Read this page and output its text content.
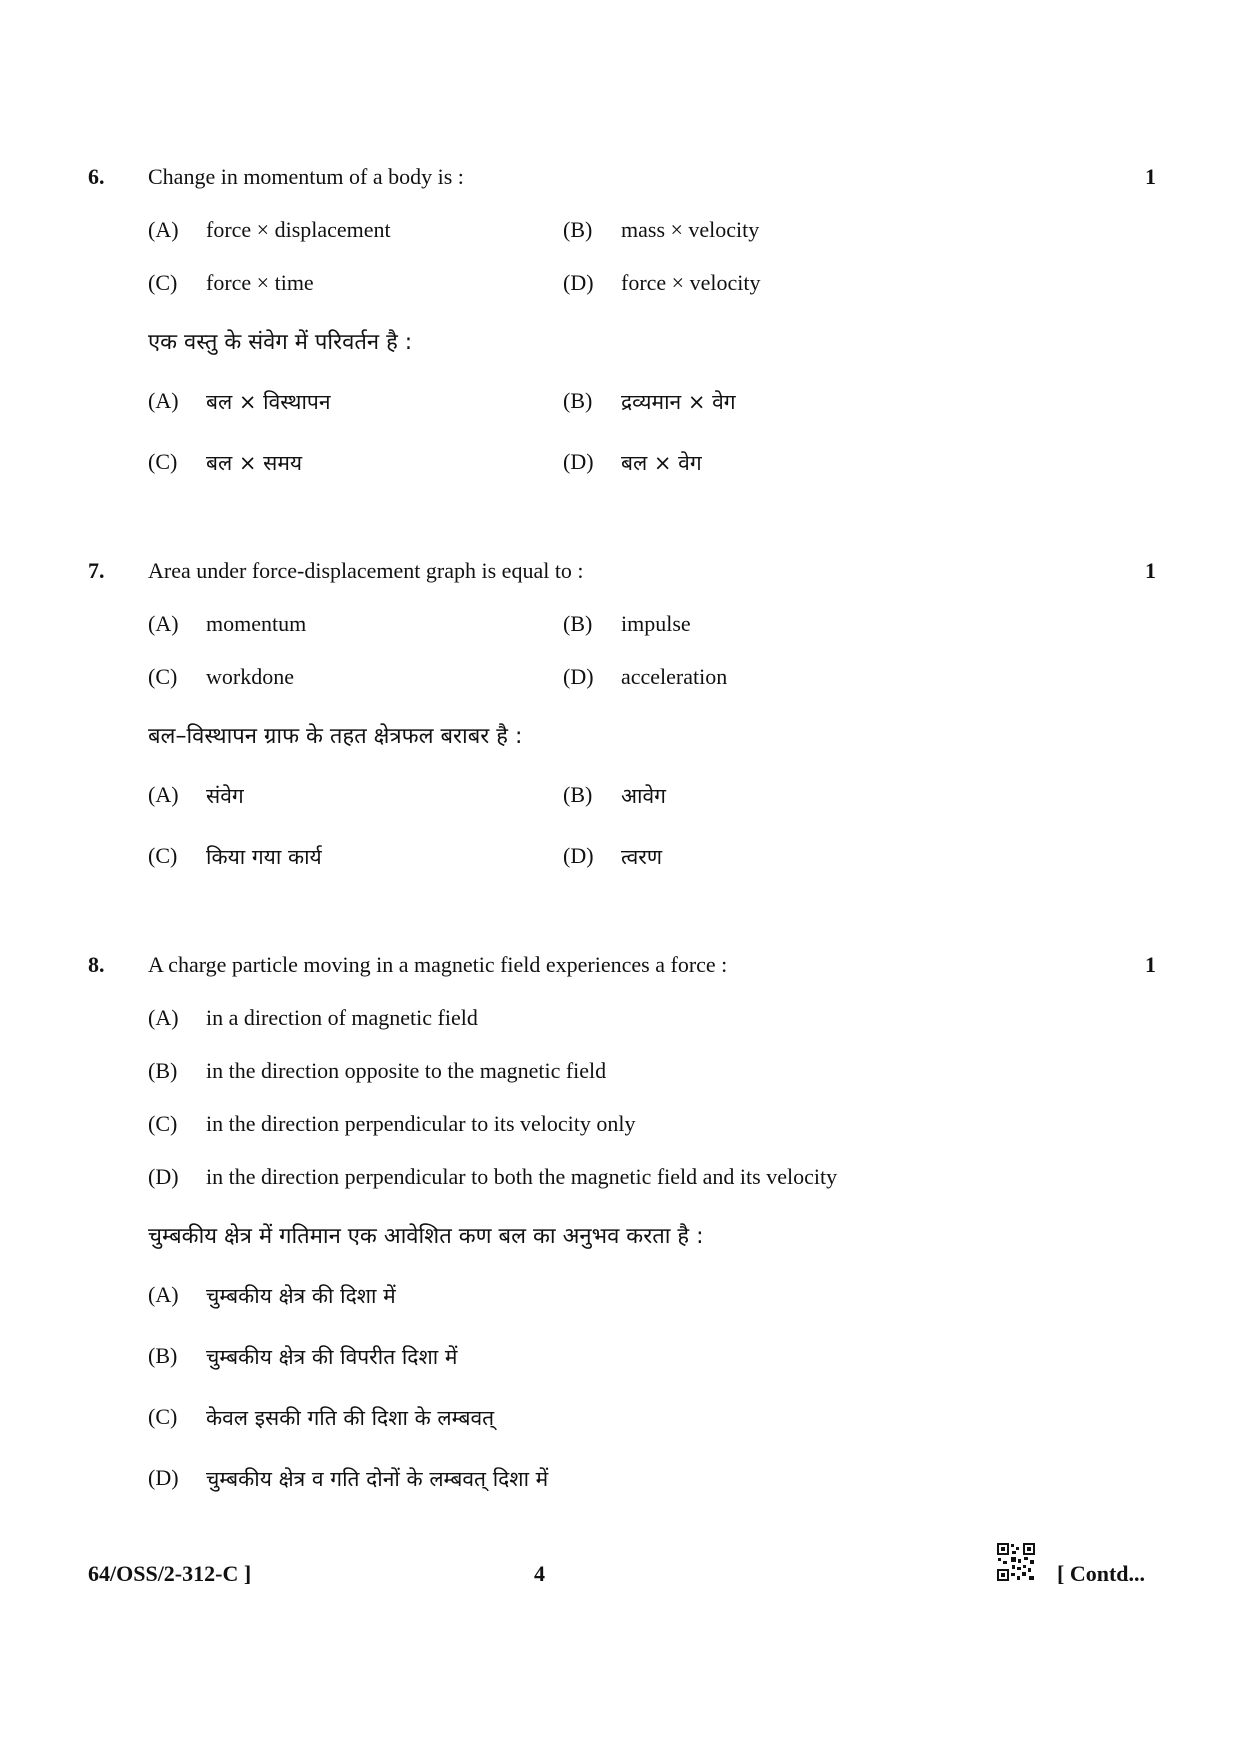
6. Change in momentum of a body is :	1
(A) force × displacement	(B) mass × velocity
(C) force × time	(D) force × velocity
एक वस्तु के संवेग में परिवर्तन है :
(A) बल × विस्थापन	(B) द्रव्यमान × वेग
(C) बल × समय	(D) बल × वेग
7. Area under force-displacement graph is equal to :	1
(A) momentum	(B) impulse
(C) workdone	(D) acceleration
बल–विस्थापन ग्राफ के तहत क्षेत्रफल बराबर है :
(A) संवेग	(B) आवेग
(C) किया गया कार्य	(D) त्वरण
8. A charge particle moving in a magnetic field experiences a force :	1
(A) in a direction of magnetic field
(B) in the direction opposite to the magnetic field
(C) in the direction perpendicular to its velocity only
(D) in the direction perpendicular to both the magnetic field and its velocity
चुम्बकीय क्षेत्र में गतिमान एक आवेशित कण बल का अनुभव करता है :
(A) चुम्बकीय क्षेत्र की दिशा में
(B) चुम्बकीय क्षेत्र की विपरीत दिशा में
(C) केवल इसकी गति की दिशा के लम्बवत्
(D) चुम्बकीय क्षेत्र व गति दोनों के लम्बवत् दिशा में
64/OSS/2-312-C ]	4	[ Contd...
